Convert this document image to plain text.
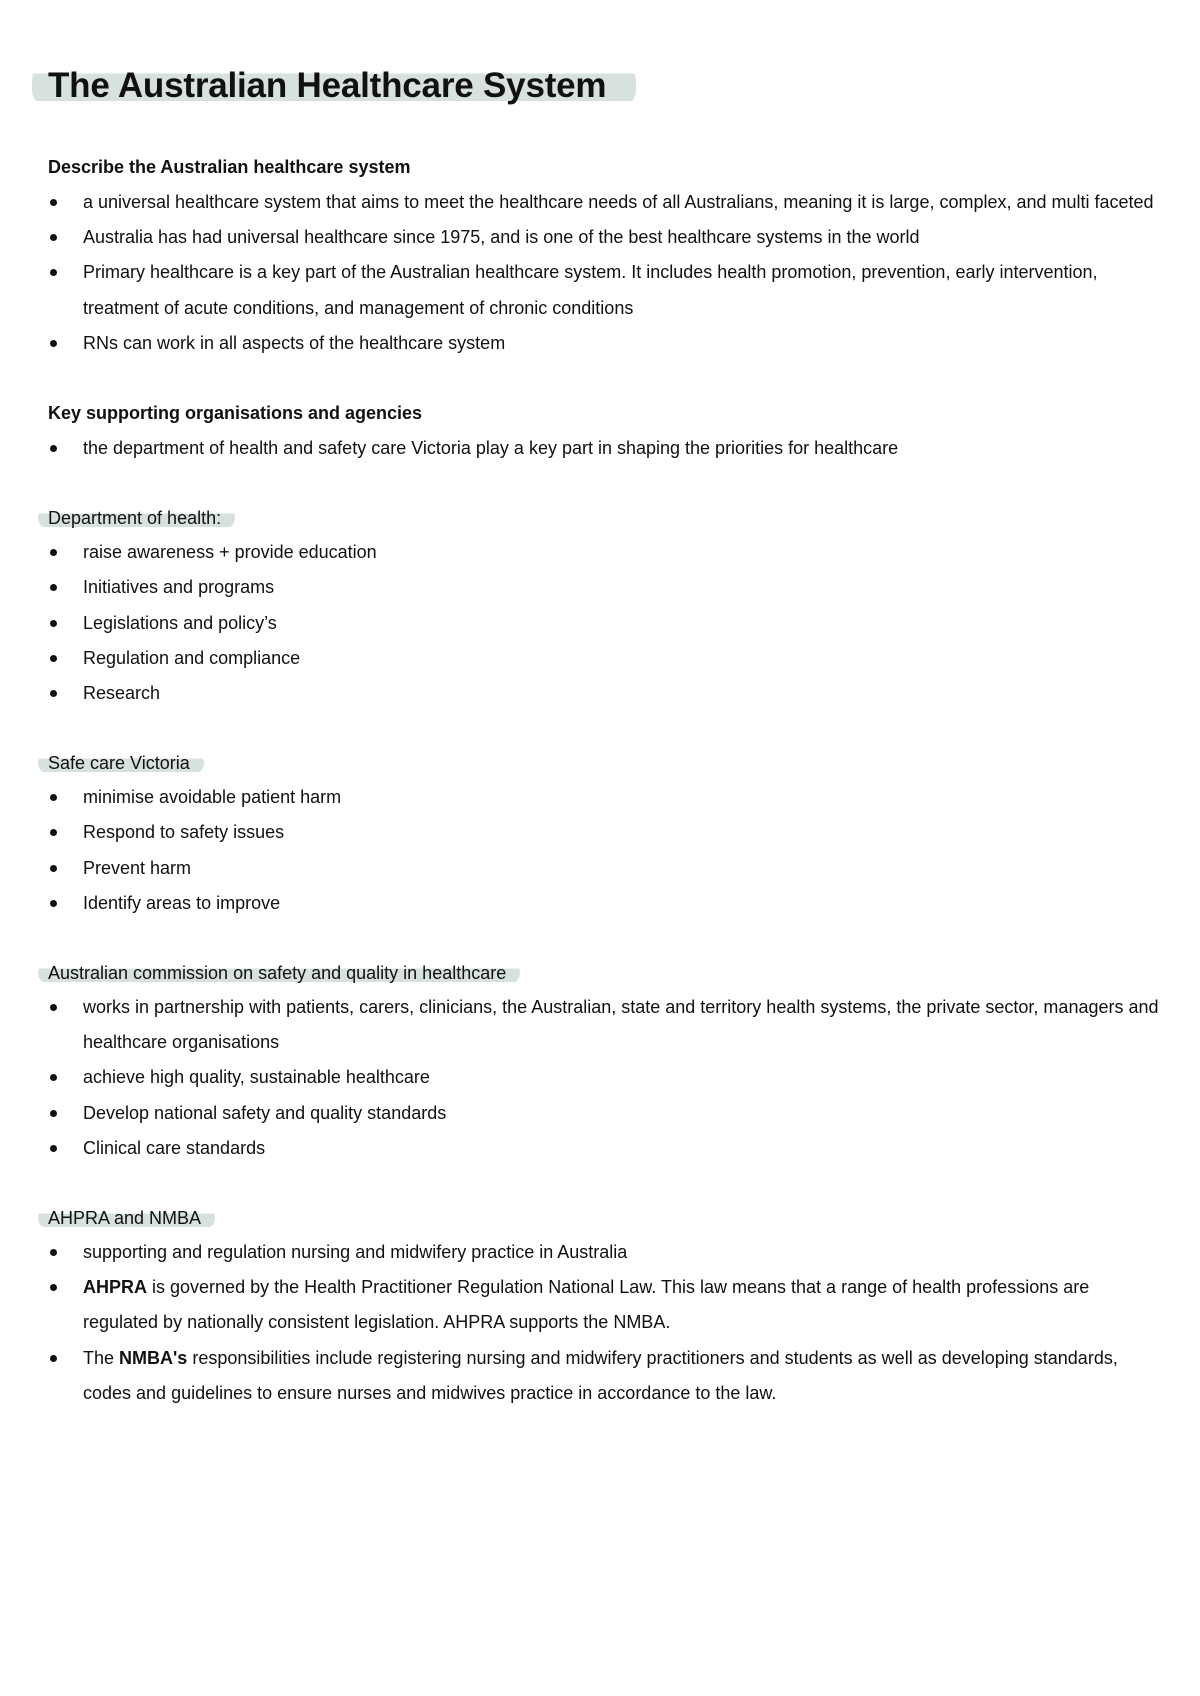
The Australian Healthcare System
Describe the Australian healthcare system
a universal healthcare system that aims to meet the healthcare needs of all Australians, meaning it is large, complex, and multi faceted
Australia has had universal healthcare since 1975, and is one of the best healthcare systems in the world
Primary healthcare is a key part of the Australian healthcare system. It includes health promotion, prevention, early intervention, treatment of acute conditions, and management of chronic conditions
RNs can work in all aspects of the healthcare system
Key supporting organisations and agencies
the department of health and safety care Victoria play a key part in shaping the priorities for healthcare
Department of health:
raise awareness + provide education
Initiatives and programs
Legislations and policy’s
Regulation and compliance
Research
Safe care Victoria
minimise avoidable patient harm
Respond to safety issues
Prevent harm
Identify areas to improve
Australian commission on safety and quality in healthcare
works in partnership with patients, carers, clinicians, the Australian, state and territory health systems, the private sector, managers and healthcare organisations
achieve high quality, sustainable healthcare
Develop national safety and quality standards
Clinical care standards
AHPRA and NMBA
supporting and regulation nursing and midwifery practice in Australia
AHPRA is governed by the Health Practitioner Regulation National Law. This law means that a range of health professions are regulated by nationally consistent legislation. AHPRA supports the NMBA.
The NMBA's responsibilities include registering nursing and midwifery practitioners and students as well as developing standards, codes and guidelines to ensure nurses and midwives practice in accordance to the law.
